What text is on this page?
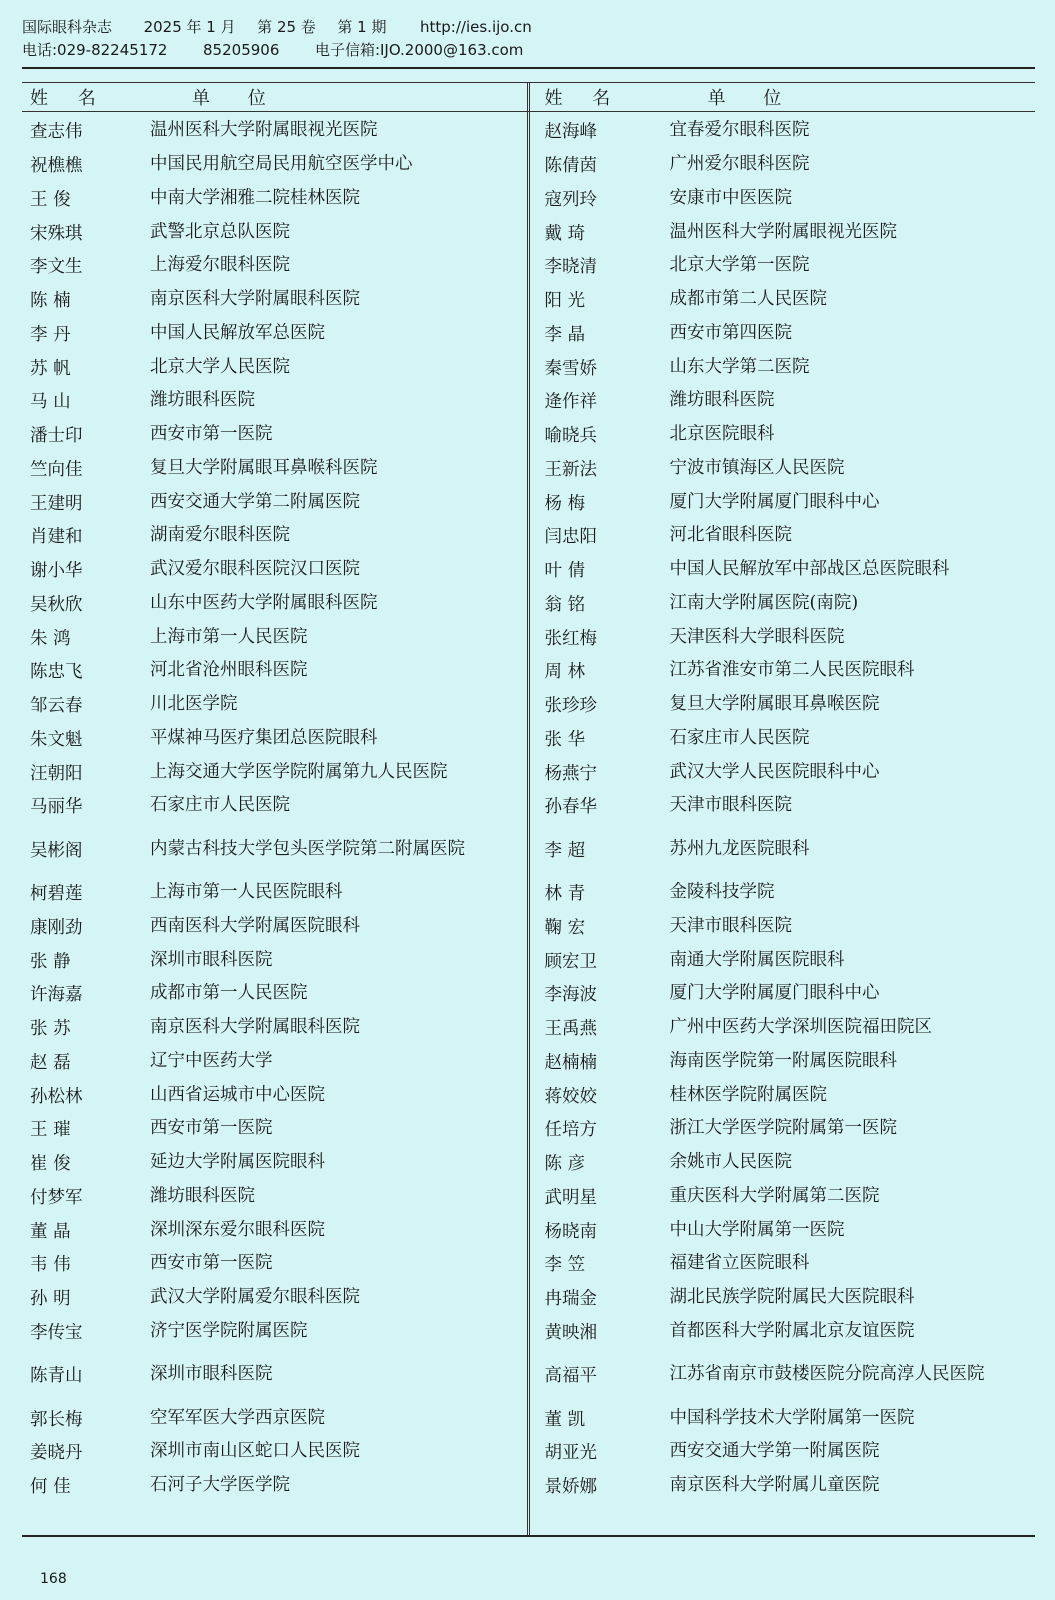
国际眼科杂志 2025 年 1 月 第 25 卷 第 1 期 http://ies.ijo.cn
电话:029-82245172 85205906 电子信箱:IJO.2000@163.com
姓 名	单 位
查志伟	温州医科大学附属眼视光医院
祝樵樵	中国民用航空局民用航空医学中心
王 俊	中南大学湘雅二院桂林医院
宋殊琪	武警北京总队医院
李文生	上海爱尔眼科医院
陈 楠	南京医科大学附属眼科医院
李 丹	中国人民解放军总医院
苏 帆	北京大学人民医院
马 山	潍坊眼科医院
潘士印	西安市第一医院
竺向佳	复旦大学附属眼耳鼻喉科医院
王建明	西安交通大学第二附属医院
肖建和	湖南爱尔眼科医院
谢小华	武汉爱尔眼科医院汉口医院
吴秋欣	山东中医药大学附属眼科医院
朱 鸿	上海市第一人民医院
陈忠飞	河北省沧州眼科医院
邹云春	川北医学院
朱文魁	平煤神马医疗集团总医院眼科
汪朝阳	上海交通大学医学院附属第九人民医院
马丽华	石家庄市人民医院
吴彬阁	内蒙古科技大学包头医学院第二附属医院
柯碧莲	上海市第一人民医院眼科
康刚劲	西南医科大学附属医院眼科
张 静	深圳市眼科医院
许海嘉	成都市第一人民医院
张 苏	南京医科大学附属眼科医院
赵 磊	辽宁中医药大学
孙松林	山西省运城市中心医院
王 璀	西安市第一医院
崔 俊	延边大学附属医院眼科
付梦军	潍坊眼科医院
董 晶	深圳深东爱尔眼科医院
韦 伟	西安市第一医院
孙 明	武汉大学附属爱尔眼科医院
李传宝	济宁医学院附属医院
陈青山	深圳市眼科医院
郭长梅	空军军医大学西京医院
姜晓丹	深圳市南山区蛇口人民医院
何 佳	石河子大学医学院
姓 名	单 位
赵海峰	宜春爱尔眼科医院
陈倩茵	广州爱尔眼科医院
寇列玲	安康市中医医院
戴 琦	温州医科大学附属眼视光医院
李晓清	北京大学第一医院
阳 光	成都市第二人民医院
李 晶	西安市第四医院
秦雪娇	山东大学第二医院
逄作祥	潍坊眼科医院
喻晓兵	北京医院眼科
王新法	宁波市镇海区人民医院
杨 梅	厦门大学附属厦门眼科中心
闫忠阳	河北省眼科医院
叶 倩	中国人民解放军中部战区总医院眼科
翁 铭	江南大学附属医院(南院)
张红梅	天津医科大学眼科医院
周 林	江苏省淮安市第二人民医院眼科
张珍珍	复旦大学附属眼耳鼻喉医院
张 华	石家庄市人民医院
杨燕宁	武汉大学人民医院眼科中心
孙春华	天津市眼科医院
李 超	苏州九龙医院眼科
林 青	金陵科技学院
鞠 宏	天津市眼科医院
顾宏卫	南通大学附属医院眼科
李海波	厦门大学附属厦门眼科中心
王禹燕	广州中医药大学深圳医院福田院区
赵楠楠	海南医学院第一附属医院眼科
蒋姣姣	桂林医学院附属医院
任培方	浙江大学医学院附属第一医院
陈 彦	余姚市人民医院
武明星	重庆医科大学附属第二医院
杨晓南	中山大学附属第一医院
李 笠	福建省立医院眼科
冉瑞金	湖北民族学院附属民大医院眼科
黄映湘	首都医科大学附属北京友谊医院
高福平	江苏省南京市鼓楼医院分院高淳人民医院
董 凯	中国科学技术大学附属第一医院
胡亚光	西安交通大学第一附属医院
景娇娜	南京医科大学附属儿童医院
168
